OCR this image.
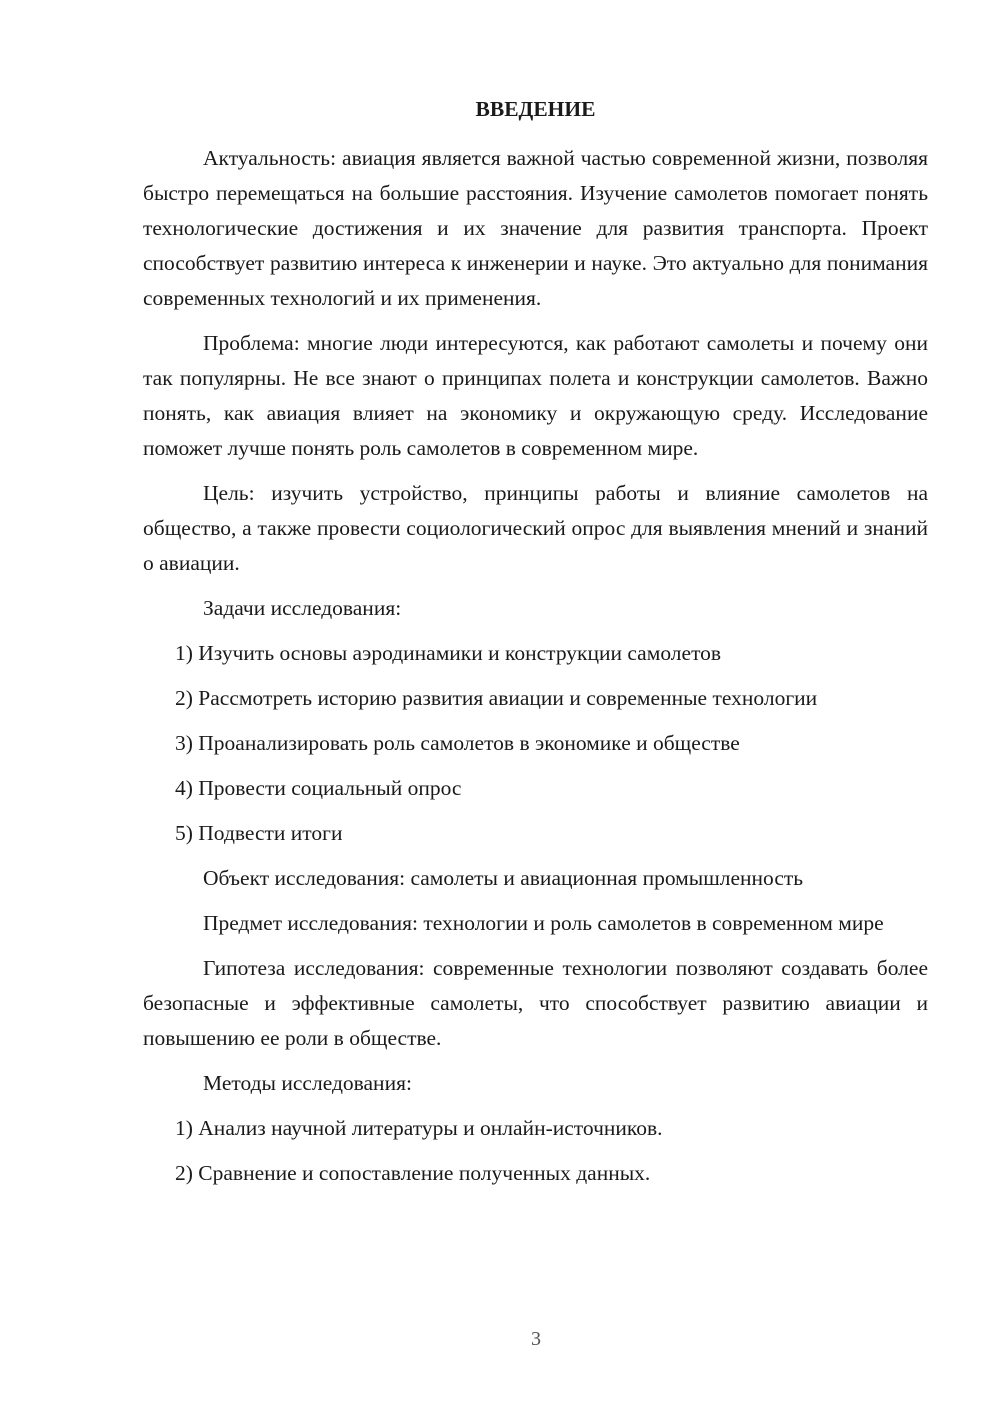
ВВЕДЕНИЕ

Актуальность: авиация является важной частью современной жизни, позволяя быстро перемещаться на большие расстояния. Изучение самолетов помогает понять технологические достижения и их значение для развития транспорта. Проект способствует развитию интереса к инженерии и науке. Это актуально для понимания современных технологий и их применения.

Проблема: многие люди интересуются, как работают самолеты и почему они так популярны. Не все знают о принципах полета и конструкции самолетов. Важно понять, как авиация влияет на экономику и окружающую среду. Исследование поможет лучше понять роль самолетов в современном мире.

Цель: изучить устройство, принципы работы и влияние самолетов на общество, а также провести социологический опрос для выявления мнений и знаний о авиации.

Задачи исследования:
1) Изучить основы аэродинамики и конструкции самолетов
2) Рассмотреть историю развития авиации и современные технологии
3) Проанализировать роль самолетов в экономике и обществе
4) Провести социальный опрос
5) Подвести итоги
Объект исследования: самолеты и авиационная промышленность

Предмет исследования: технологии и роль самолетов в современном мире

Гипотеза исследования: современные технологии позволяют создавать более безопасные и эффективные самолеты, что способствует развитию авиации и повышению ее роли в обществе.

Методы исследования:
1) Анализ научной литературы и онлайн-источников.
2) Сравнение и сопоставление полученных данных.
3
